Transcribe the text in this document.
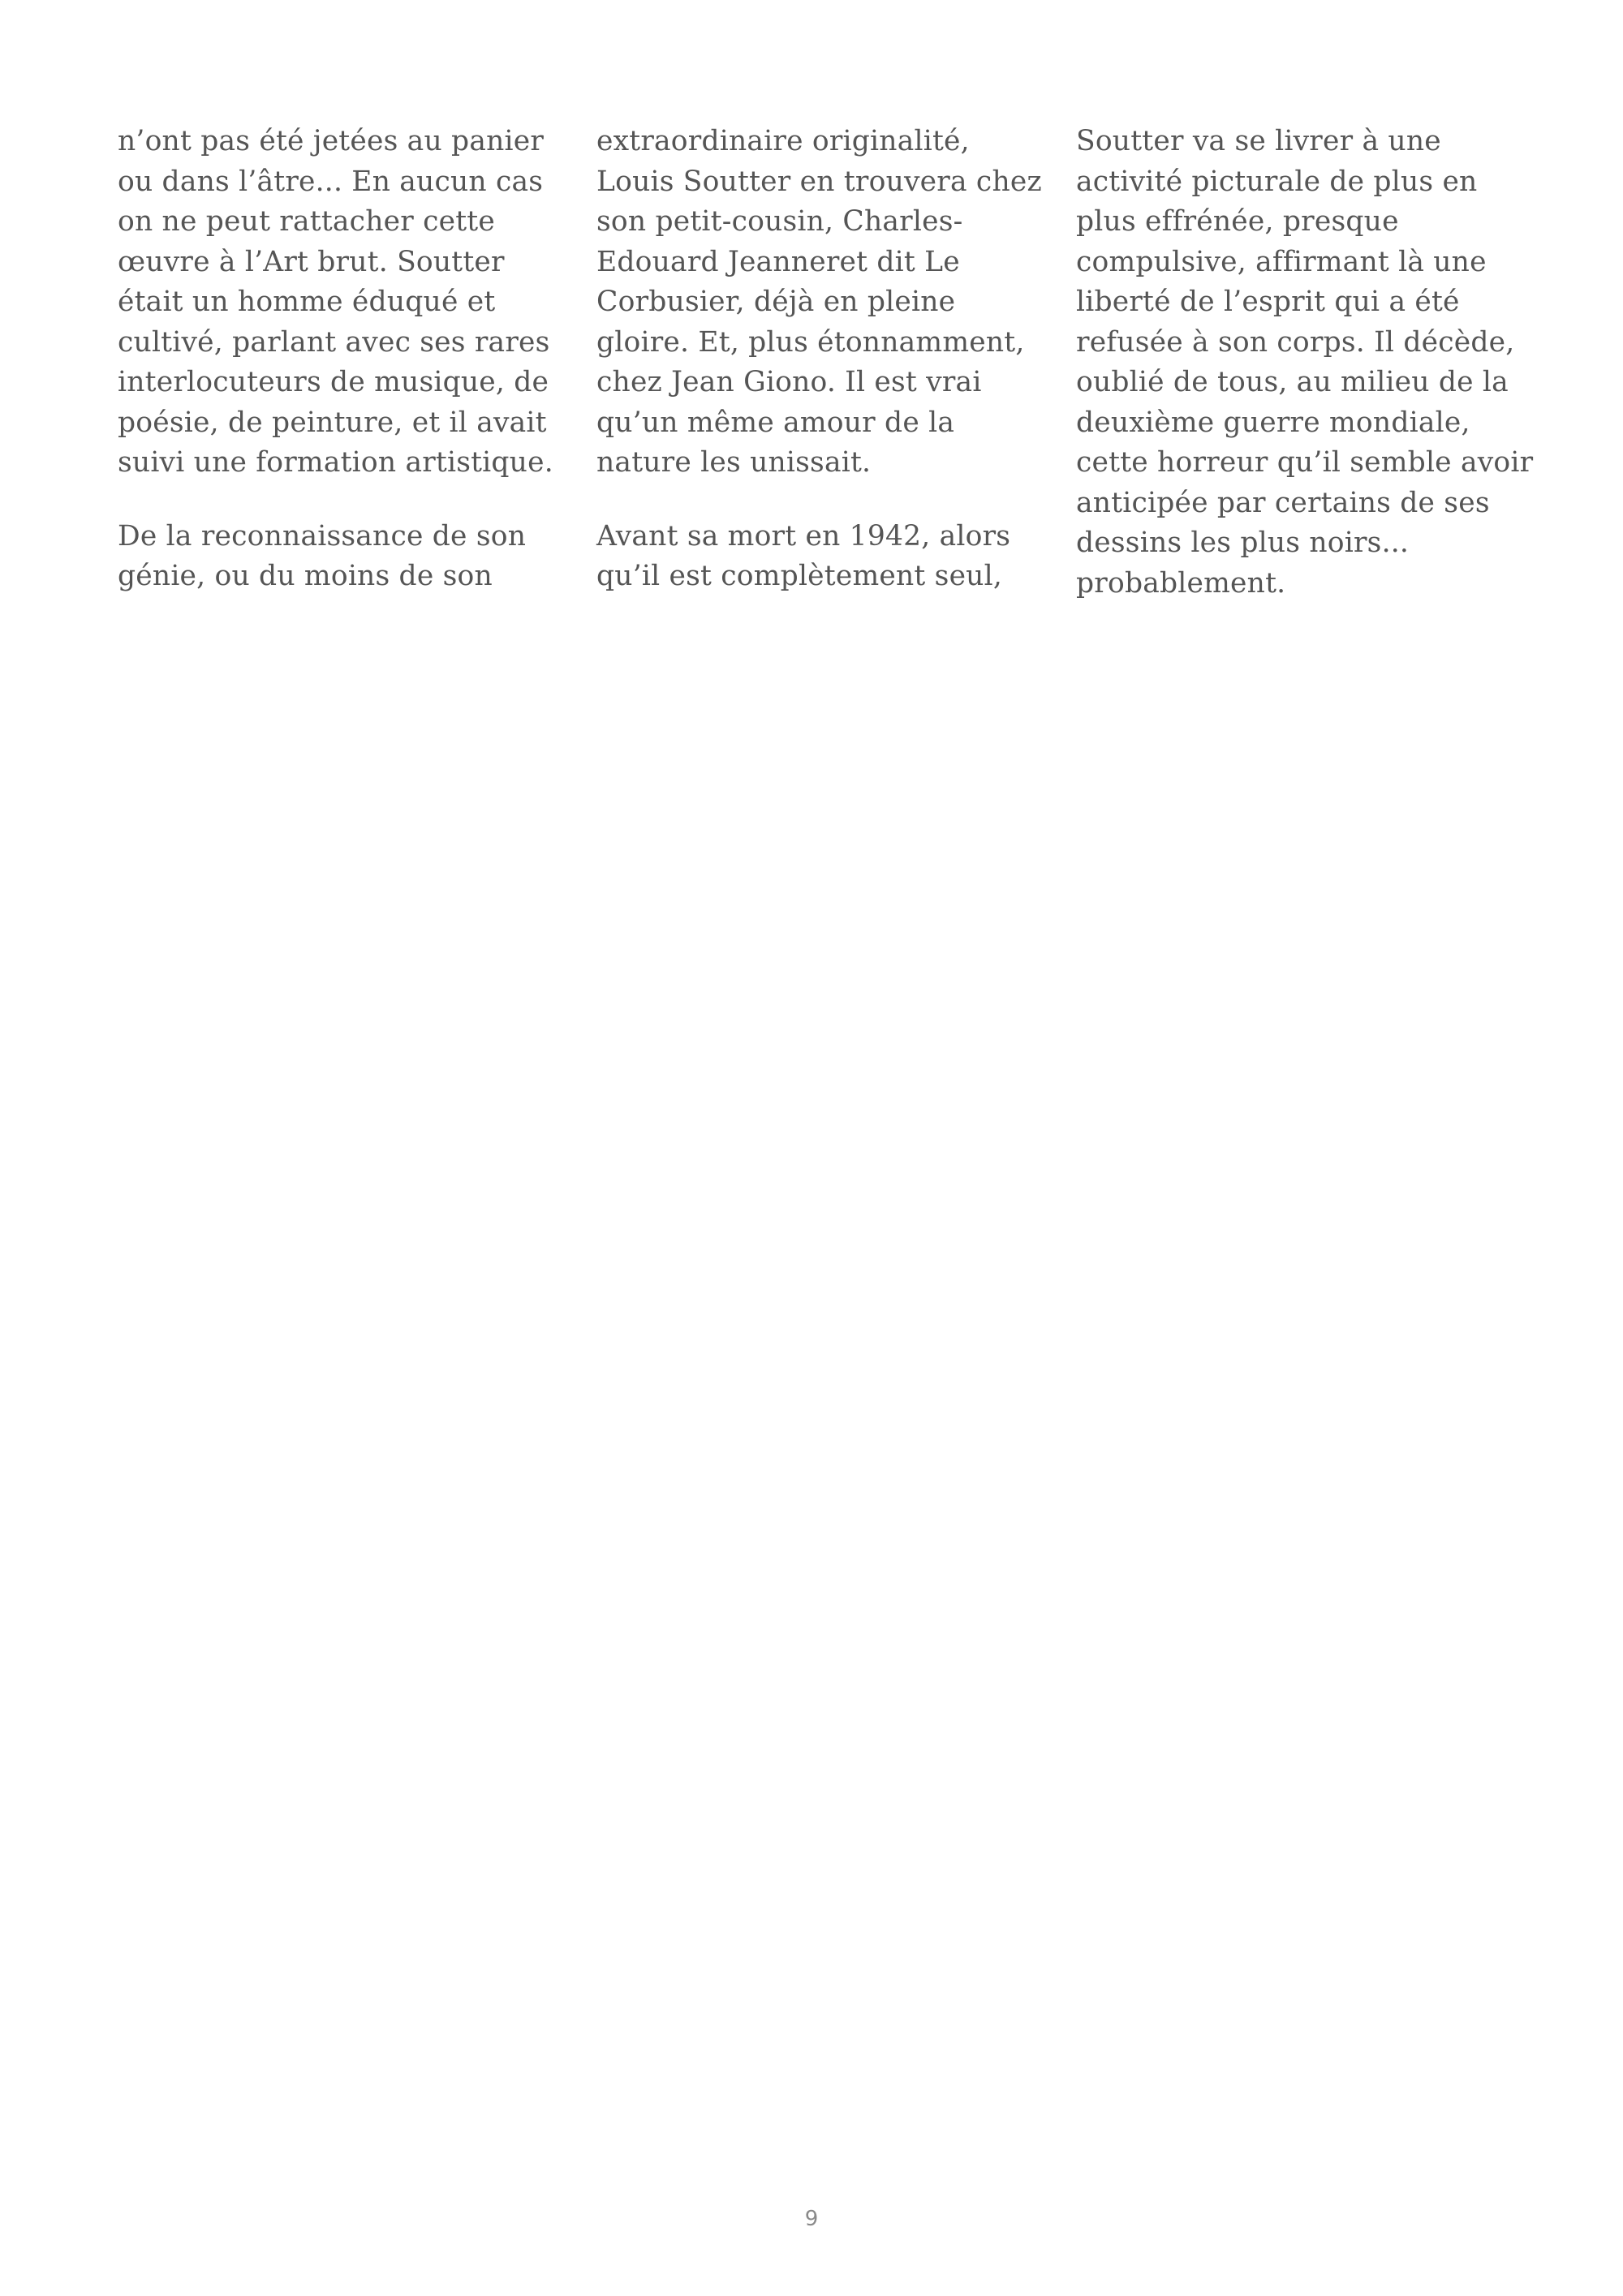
n’ont pas été jetées au panier
ou dans l’âtre... En aucun cas
on ne peut rattacher cette
œuvre à l’Art brut. Soutter
était un homme éduqué et
cultivé, parlant avec ses rares
interlocuteurs de musique, de
poésie, de peinture, et il avait
suivi une formation artistique.
De la reconnaissance de son
génie, ou du moins de son
extraordinaire originalité,
Louis Soutter en trouvera chez
son petit-cousin, Charles-
Edouard Jeanneret dit Le
Corbusier, déjà en pleine
gloire. Et, plus étonnamment,
chez Jean Giono. Il est vrai
qu’un même amour de la
nature les unissait.
Avant sa mort en 1942, alors
qu’il est complètement seul,
Soutter va se livrer à une
activité picturale de plus en
plus effrénée, presque
compulsive, affirmant là une
liberté de l’esprit qui a été
refusée à son corps. Il décède,
oublié de tous, au milieu de la
deuxième guerre mondiale,
cette horreur qu’il semble avoir
anticipée par certains de ses
dessins les plus noirs...
probablement.
9
